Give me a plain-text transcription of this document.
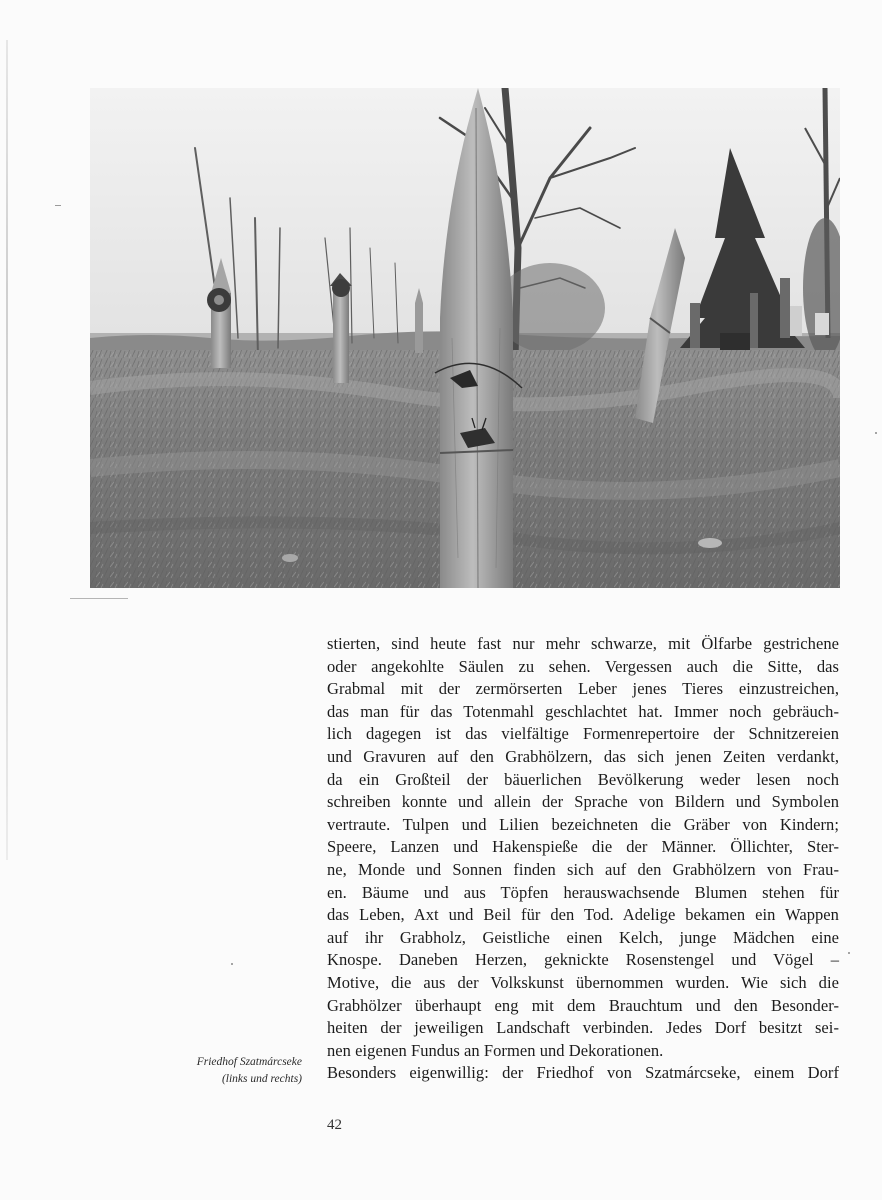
stierten, sind heute fast nur mehr schwarze, mit Ölfarbe gestrichene
oder angekohlte Säulen zu sehen. Vergessen auch die Sitte, das
Grabmal mit der zermörserten Leber jenes Tieres einzustreichen,
das man für das Totenmahl geschlachtet hat. Immer noch gebräuch-
lich dagegen ist das vielfältige Formenrepertoire der Schnitzereien
und Gravuren auf den Grabhölzern, das sich jenen Zeiten verdankt,
da ein Großteil der bäuerlichen Bevölkerung weder lesen noch
schreiben konnte und allein der Sprache von Bildern und Symbolen
vertraute. Tulpen und Lilien bezeichneten die Gräber von Kindern;
Speere, Lanzen und Hakenspieße die der Männer. Öllichter, Ster-
ne, Monde und Sonnen finden sich auf den Grabhölzern von Frau-
en. Bäume und aus Töpfen herauswachsende Blumen stehen für
das Leben, Axt und Beil für den Tod. Adelige bekamen ein Wappen
auf ihr Grabholz, Geistliche einen Kelch, junge Mädchen eine
Knospe. Daneben Herzen, geknickte Rosenstengel und Vögel –
Motive, die aus der Volkskunst übernommen wurden. Wie sich die
Grabhölzer überhaupt eng mit dem Brauchtum und den Besonder-
heiten der jeweiligen Landschaft verbinden. Jedes Dorf besitzt sei-
nen eigenen Fundus an Formen und Dekorationen.
Besonders eigenwillig: der Friedhof von Szatmárcseke, einem Dorf
Friedhof Szatmárcseke
(links und rechts)
42
